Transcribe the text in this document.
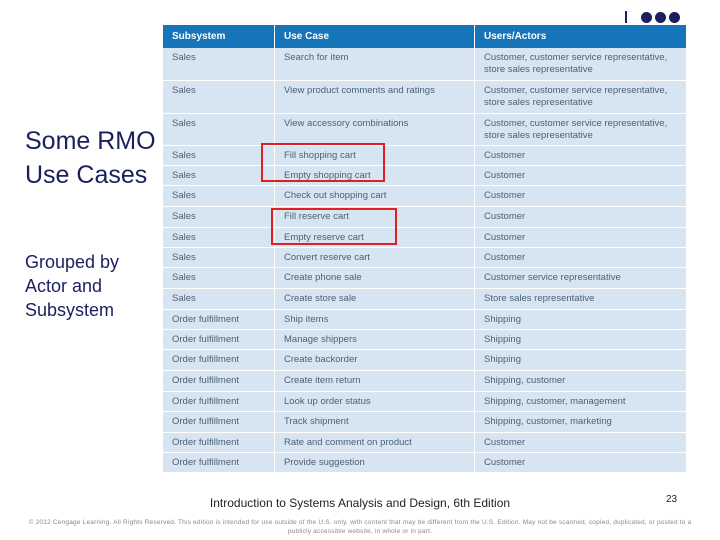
Some RMO Use Cases
Grouped by Actor and Subsystem
Subsystem	Use Case	Users/Actors
Sales	Search for item	Customer, customer service representative, store sales representative
Sales	View product comments and ratings	Customer, customer service representative, store sales representative
Sales	View accessory combinations	Customer, customer service representative, store sales representative
Sales	Fill shopping cart	Customer
Sales	Empty shopping cart	Customer
Sales	Check out shopping cart	Customer
Sales	Fill reserve cart	Customer
Sales	Empty reserve cart	Customer
Sales	Convert reserve cart	Customer
Sales	Create phone sale	Customer service representative
Sales	Create store sale	Store sales representative
Order fulfillment	Ship items	Shipping
Order fulfillment	Manage shippers	Shipping
Order fulfillment	Create backorder	Shipping
Order fulfillment	Create item return	Shipping, customer
Order fulfillment	Look up order status	Shipping, customer, management
Order fulfillment	Track shipment	Shipping, customer, marketing
Order fulfillment	Rate and comment on product	Customer
Order fulfillment	Provide suggestion	Customer
Introduction to Systems Analysis and Design, 6th Edition	23
© 2012 Cengage Learning. All Rights Reserved. This edition is intended for use outside of the U.S. only, with content that may be different from the U.S. Edition. May not be scanned, copied, duplicated, or posted to a publicly accessible website, in whole or in part.
